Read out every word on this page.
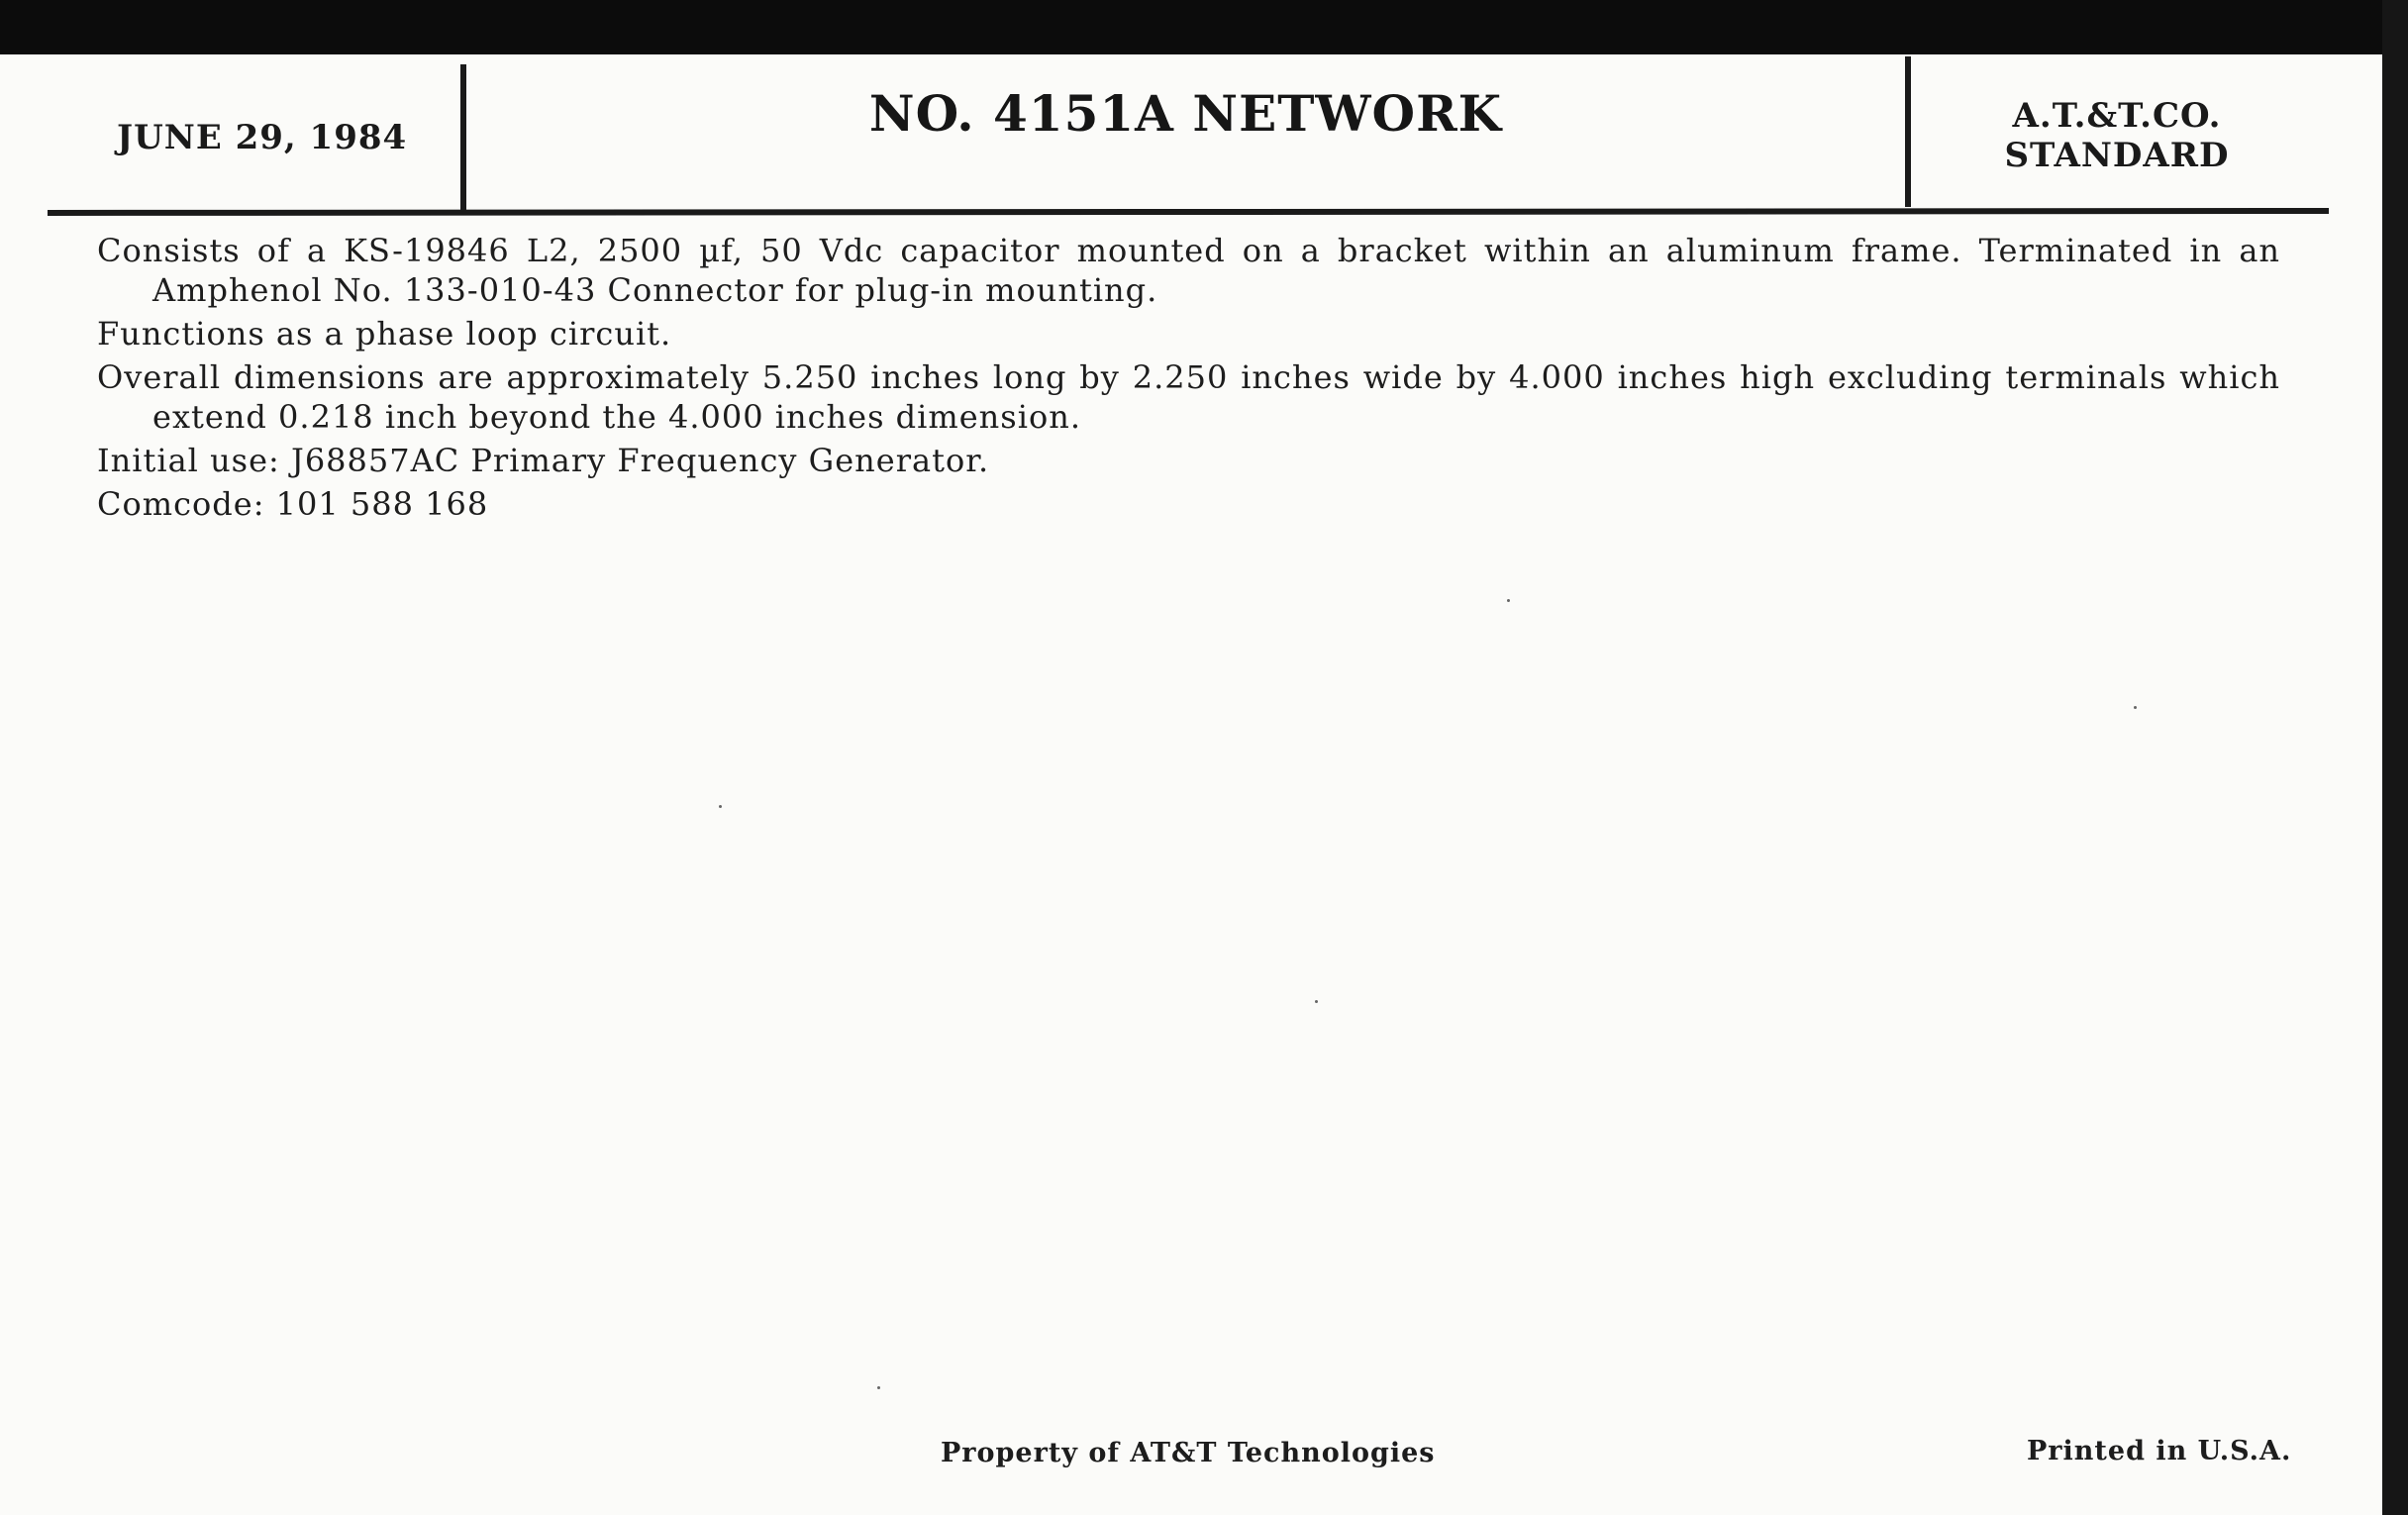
JUNE 29, 1984	NO. 4151A NETWORK	A.T.&T.CO.
STANDARD

Consists of a KS-19846 L2, 2500 µf, 50 Vdc capacitor mounted on a bracket within an aluminum frame. Terminated in an Amphenol No. 133-010-43 Connector for plug-in mounting.

Functions as a phase loop circuit.

Overall dimensions are approximately 5.250 inches long by 2.250 inches wide by 4.000 inches high excluding terminals which extend 0.218 inch beyond the 4.000 inches dimension.

Initial use: J68857AC Primary Frequency Generator.

Comcode: 101 588 168

Property of AT&T Technologies	Printed in U.S.A.
